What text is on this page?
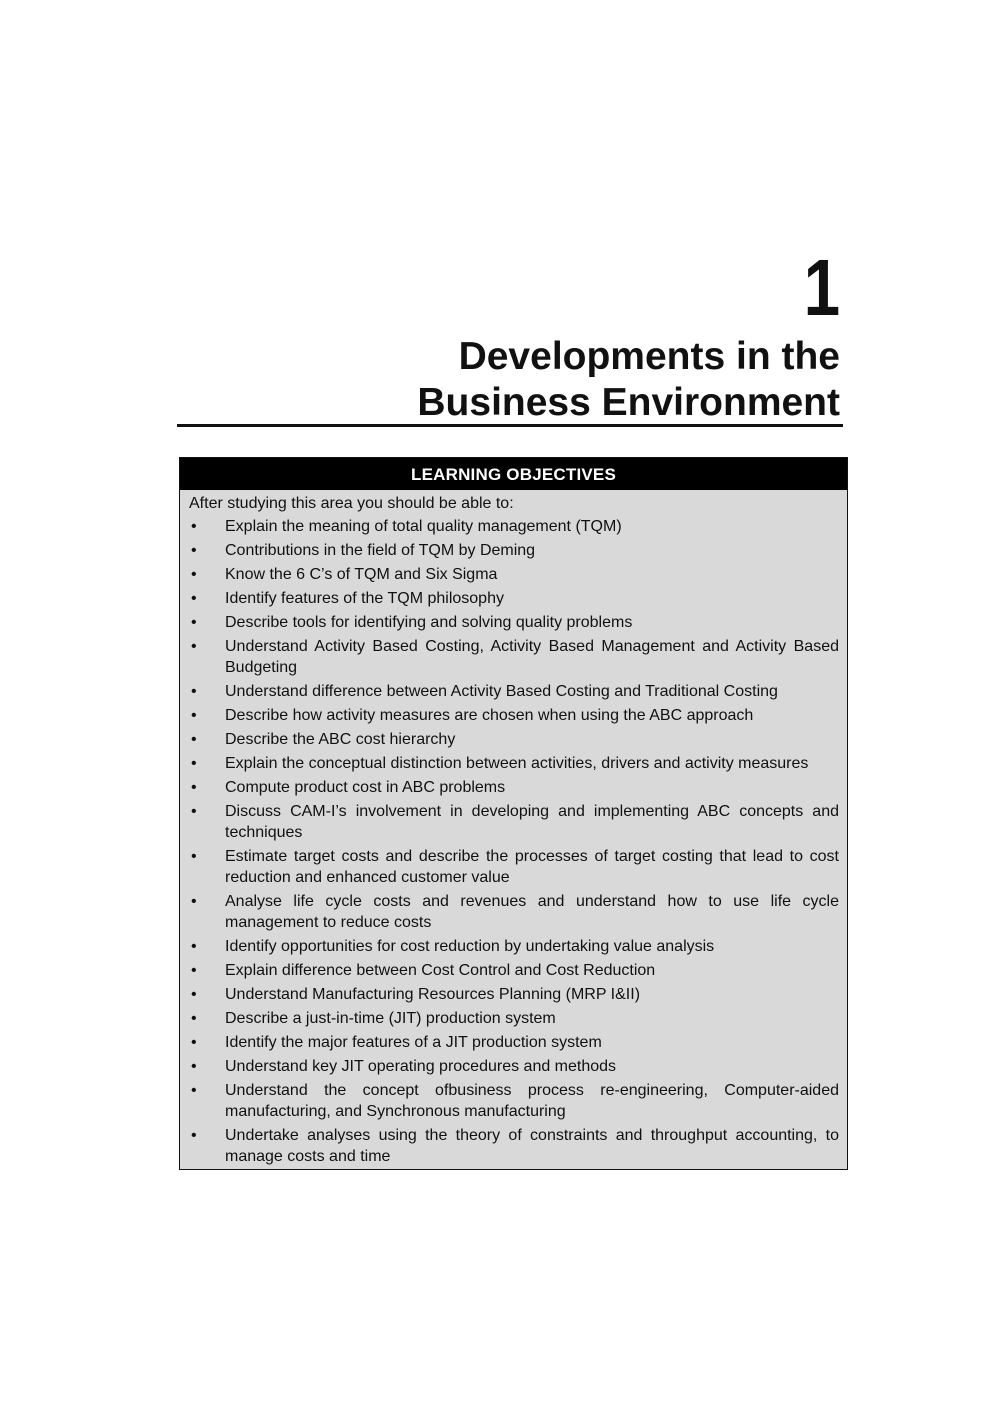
1
Developments in the Business Environment
LEARNING OBJECTIVES
After studying this area you should be able to:
• Explain the meaning of total quality management (TQM)
• Contributions in the field of TQM by Deming
• Know the 6 C’s of TQM and Six Sigma
• Identify features of the TQM philosophy
• Describe tools for identifying and solving quality problems
• Understand Activity Based Costing, Activity Based Management and Activity Based Budgeting
• Understand difference between Activity Based Costing and Traditional Costing
• Describe how activity measures are chosen when using the ABC approach
• Describe the ABC cost hierarchy
• Explain the conceptual distinction between activities, drivers and activity measures
• Compute product cost in ABC problems
• Discuss CAM-I’s involvement in developing and implementing ABC concepts and techniques
• Estimate target costs and describe the processes of target costing that lead to cost reduction and enhanced customer value
• Analyse life cycle costs and revenues and understand how to use life cycle management to reduce costs
• Identify opportunities for cost reduction by undertaking value analysis
• Explain difference between Cost Control and Cost Reduction
• Understand Manufacturing Resources Planning (MRP I&II)
• Describe a just-in-time (JIT) production system
• Identify the major features of a JIT production system
• Understand key JIT operating procedures and methods
• Understand the concept ofbusiness process re-engineering, Computer-aided manufacturing, and Synchronous manufacturing
• Undertake analyses using the theory of constraints and throughput accounting, to manage costs and time
